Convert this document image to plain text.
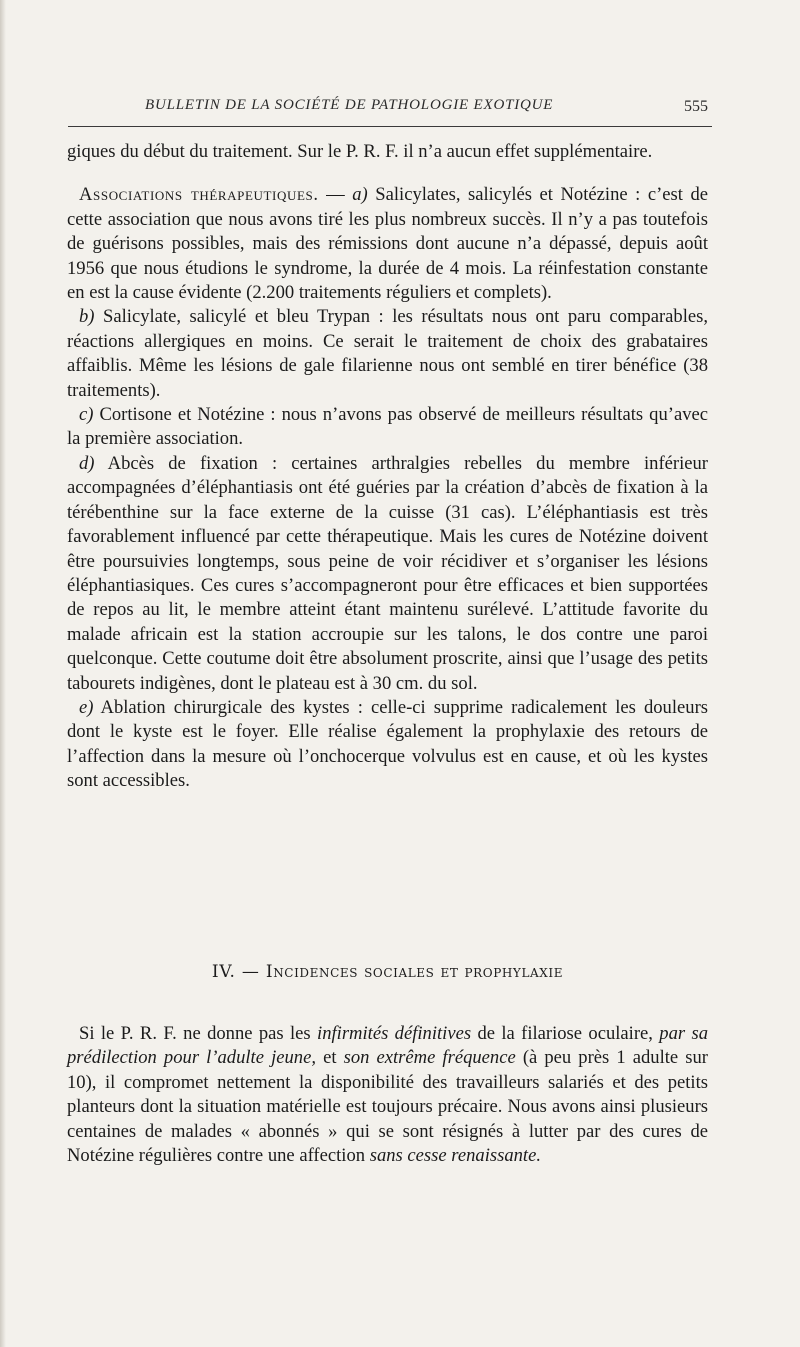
BULLETIN DE LA SOCIÉTÉ DE PATHOLOGIE EXOTIQUE	555

giques du début du traitement. Sur le P. R. F. il n’a aucun effet supplémentaire.

Associations thérapeutiques. — a) Salicylates, salicylés et Notézine : c’est de cette association que nous avons tiré les plus nombreux succès. Il n’y a pas toutefois de guérisons possibles, mais des rémissions dont aucune n’a dépassé, depuis août 1956 que nous étudions le syndrome, la durée de 4 mois. La réinfestation constante en est la cause évidente (2.200 traitements réguliers et complets).

b) Salicylate, salicylé et bleu Trypan : les résultats nous ont paru comparables, réactions allergiques en moins. Ce serait le traitement de choix des grabataires affaiblis. Même les lésions de gale filarienne nous ont semblé en tirer bénéfice (38 traitements).

c) Cortisone et Notézine : nous n’avons pas observé de meilleurs résultats qu’avec la première association.

d) Abcès de fixation : certaines arthralgies rebelles du membre inférieur accompagnées d’éléphantiasis ont été guéries par la création d’abcès de fixation à la térébenthine sur la face externe de la cuisse (31 cas). L’éléphantiasis est très favorablement influencé par cette thérapeutique. Mais les cures de Notézine doivent être poursuivies longtemps, sous peine de voir récidiver et s’organiser les lésions éléphantiasiques. Ces cures s’accompagneront pour être efficaces et bien supportées de repos au lit, le membre atteint étant maintenu surélevé. L’attitude favorite du malade africain est la station accroupie sur les talons, le dos contre une paroi quelconque. Cette coutume doit être absolument proscrite, ainsi que l’usage des petits tabourets indigènes, dont le plateau est à 30 cm. du sol.

e) Ablation chirurgicale des kystes : celle-ci supprime radicalement les douleurs dont le kyste est le foyer. Elle réalise également la prophylaxie des retours de l’affection dans la mesure où l’onchocerque volvulus est en cause, et où les kystes sont accessibles.

IV. — Incidences sociales et prophylaxie

Si le P. R. F. ne donne pas les infirmités définitives de la filariose oculaire, par sa prédilection pour l’adulte jeune, et son extrême fréquence (à peu près 1 adulte sur 10), il compromet nettement la disponibilité des travailleurs salariés et des petits planteurs dont la situation matérielle est toujours précaire. Nous avons ainsi plusieurs centaines de malades « abonnés » qui se sont résignés à lutter par des cures de Notézine régulières contre une affection sans cesse renaissante.
